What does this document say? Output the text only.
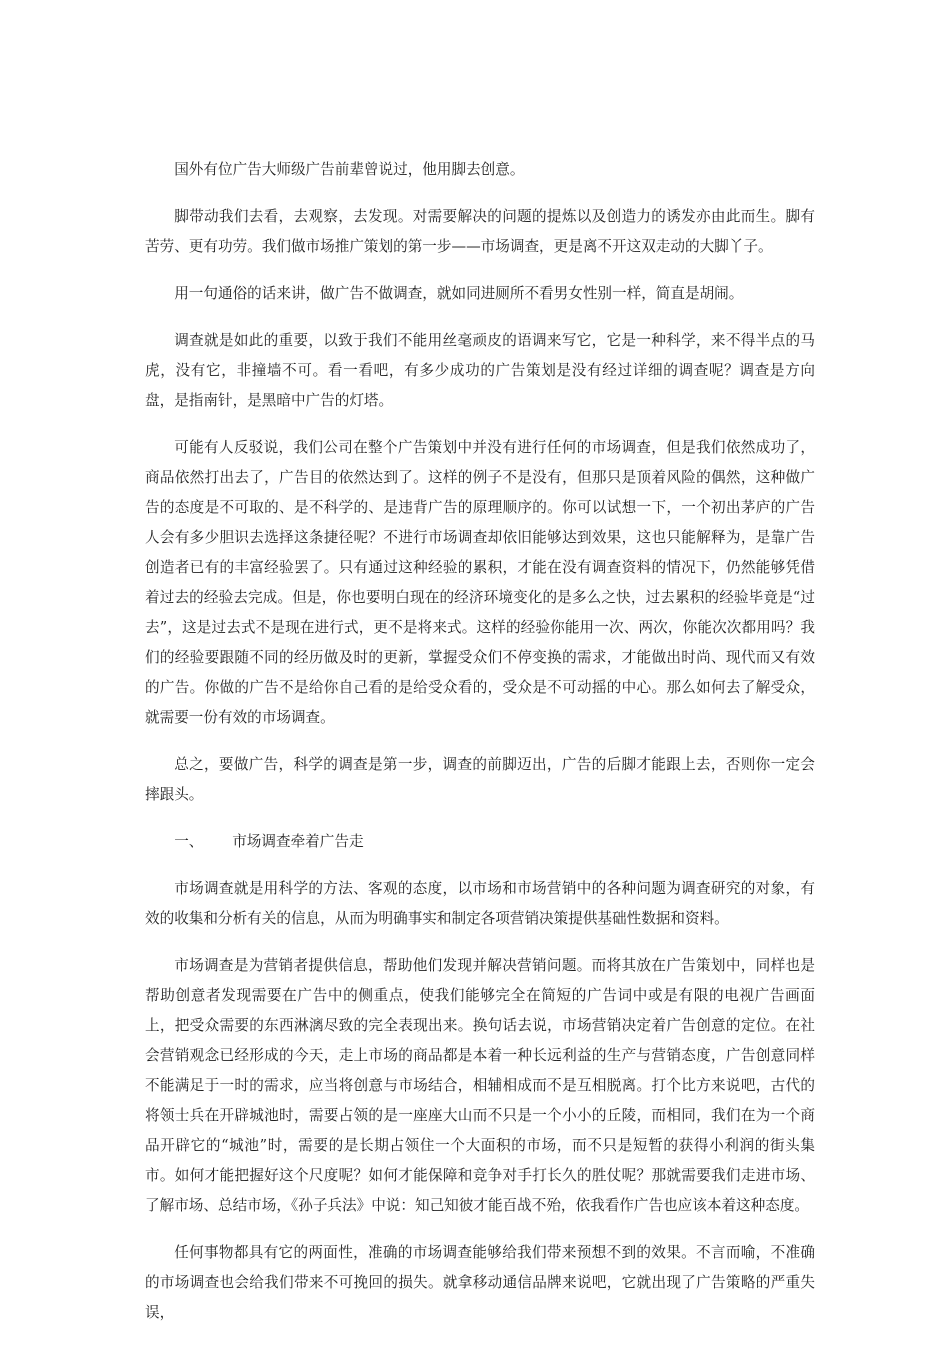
国外有位广告大师级广告前辈曾说过，他用脚去创意。

脚带动我们去看，去观察，去发现。对需要解决的问题的提炼以及创造力的诱发亦由此而生。脚有苦劳、更有功劳。我们做市场推广策划的第一步——市场调查，更是离不开这双走动的大脚丫子。

用一句通俗的话来讲，做广告不做调查，就如同进厕所不看男女性别一样，简直是胡闹。

调查就是如此的重要，以致于我们不能用丝毫顽皮的语调来写它，它是一种科学，来不得半点的马虎，没有它，非撞墙不可。看一看吧，有多少成功的广告策划是没有经过详细的调查呢？调查是方向盘，是指南针，是黑暗中广告的灯塔。

可能有人反驳说，我们公司在整个广告策划中并没有进行任何的市场调查，但是我们依然成功了，商品依然打出去了，广告目的依然达到了。这样的例子不是没有，但那只是顶着风险的偶然，这种做广告的态度是不可取的、是不科学的、是违背广告的原理顺序的。你可以试想一下，一个初出茅庐的广告人会有多少胆识去选择这条捷径呢？不进行市场调查却依旧能够达到效果，这也只能解释为，是靠广告创造者已有的丰富经验罢了。只有通过这种经验的累积，才能在没有调查资料的情况下，仍然能够凭借着过去的经验去完成。但是，你也要明白现在的经济环境变化的是多么之快，过去累积的经验毕竟是“过去”，这是过去式不是现在进行式，更不是将来式。这样的经验你能用一次、两次，你能次次都用吗？我们的经验要跟随不同的经历做及时的更新，掌握受众们不停变换的需求，才能做出时尚、现代而又有效的广告。你做的广告不是给你自己看的是给受众看的，受众是不可动摇的中心。那么如何去了解受众，就需要一份有效的市场调查。

总之，要做广告，科学的调查是第一步，调查的前脚迈出，广告的后脚才能跟上去，否则你一定会摔跟头。

一、 市场调查牵着广告走

市场调查就是用科学的方法、客观的态度，以市场和市场营销中的各种问题为调查研究的对象，有效的收集和分析有关的信息，从而为明确事实和制定各项营销决策提供基础性数据和资料。

市场调查是为营销者提供信息，帮助他们发现并解决营销问题。而将其放在广告策划中，同样也是帮助创意者发现需要在广告中的侧重点，使我们能够完全在简短的广告词中或是有限的电视广告画面上，把受众需要的东西淋漓尽致的完全表现出来。换句话去说，市场营销决定着广告创意的定位。在社会营销观念已经形成的今天，走上市场的商品都是本着一种长远利益的生产与营销态度，广告创意同样不能满足于一时的需求，应当将创意与市场结合，相辅相成而不是互相脱离。打个比方来说吧，古代的将领士兵在开辟城池时，需要占领的是一座座大山而不只是一个小小的丘陵，而相同，我们在为一个商品开辟它的“城池”时，需要的是长期占领住一个大面积的市场，而不只是短暂的获得小利润的街头集市。如何才能把握好这个尺度呢？如何才能保障和竞争对手打长久的胜仗呢？那就需要我们走进市场、了解市场、总结市场，《孙子兵法》中说：知己知彼才能百战不殆，依我看作广告也应该本着这种态度。

任何事物都具有它的两面性，准确的市场调查能够给我们带来预想不到的效果。不言而喻，不准确的市场调查也会给我们带来不可挽回的损失。就拿移动通信品牌来说吧，它就出现了广告策略的严重失误，
